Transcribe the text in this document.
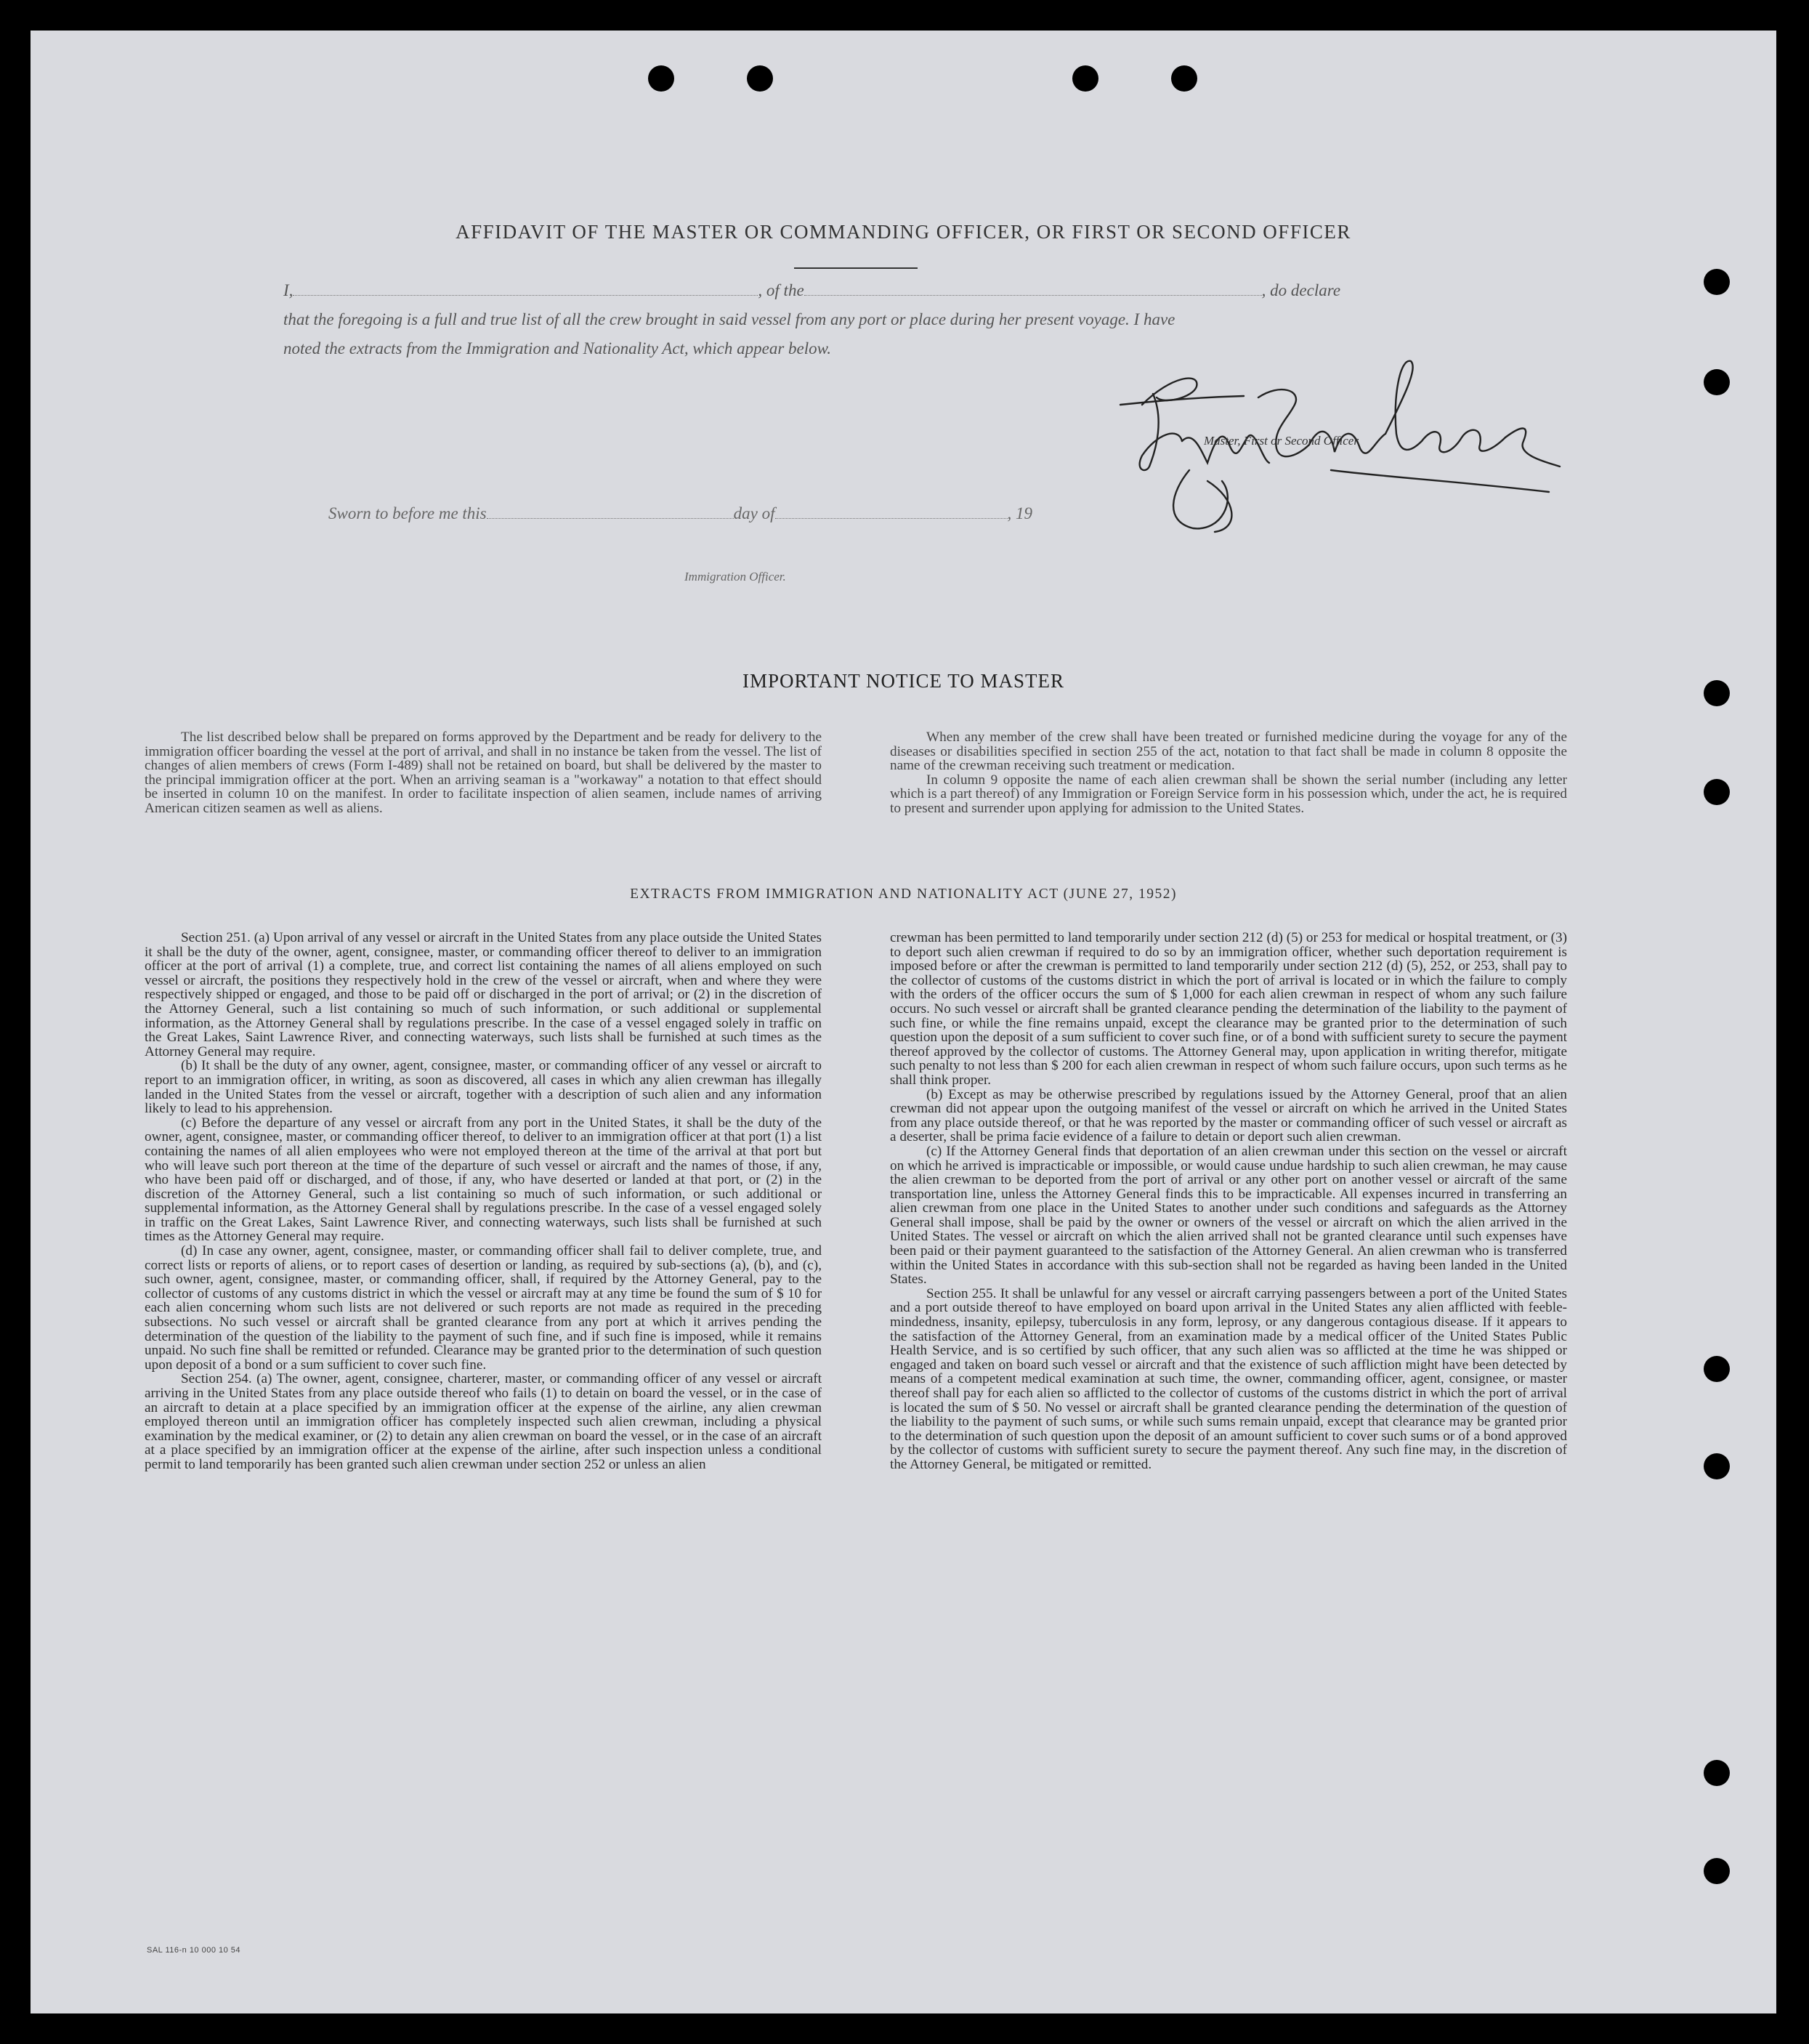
AFFIDAVIT OF THE MASTER OR COMMANDING OFFICER, OR FIRST OR SECOND OFFICER
I,	, of the	, do declare
that the foregoing is a full and true list of all the crew brought in said vessel from any port or place during her present voyage. I have
noted the extracts from the Immigration and Nationality Act, which appear below.
Master, First or Second Officer.
Sworn to before me this	day of	, 19
Immigration Officer.
IMPORTANT NOTICE TO MASTER

The list described below shall be prepared on forms approved by the Department and be ready for delivery to the immigration officer boarding the vessel at the port of arrival, and shall in no instance be taken from the vessel. The list of changes of alien members of crews (Form I-489) shall not be retained on board, but shall be delivered by the master to the principal immigration officer at the port. When an arriving seaman is a "workaway" a notation to that effect should be inserted in column 10 on the manifest. In order to facilitate inspection of alien seamen, include names of arriving American citizen seamen as well as aliens.

When any member of the crew shall have been treated or furnished medicine during the voyage for any of the diseases or disabilities specified in section 255 of the act, notation to that fact shall be made in column 8 opposite the name of the crewman receiving such treatment or medication.

In column 9 opposite the name of each alien crewman shall be shown the serial number (including any letter which is a part thereof) of any Immigration or Foreign Service form in his possession which, under the act, he is required to present and surrender upon applying for admission to the United States.

EXTRACTS FROM IMMIGRATION AND NATIONALITY ACT (JUNE 27, 1952)

Section 251. (a) Upon arrival of any vessel or aircraft in the United States from any place outside the United States it shall be the duty of the owner, agent, consignee, master, or commanding officer thereof to deliver to an immigration officer at the port of arrival (1) a complete, true, and correct list containing the names of all aliens employed on such vessel or aircraft, the positions they respectively hold in the crew of the vessel or aircraft, when and where they were respectively shipped or engaged, and those to be paid off or discharged in the port of arrival; or (2) in the discretion of the Attorney General, such a list containing so much of such information, or such additional or supplemental information, as the Attorney General shall by regulations prescribe. In the case of a vessel engaged solely in traffic on the Great Lakes, Saint Lawrence River, and connecting waterways, such lists shall be furnished at such times as the Attorney General may require.

(b) It shall be the duty of any owner, agent, consignee, master, or commanding officer of any vessel or aircraft to report to an immigration officer, in writing, as soon as discovered, all cases in which any alien crewman has illegally landed in the United States from the vessel or aircraft, together with a description of such alien and any information likely to lead to his apprehension.

(c) Before the departure of any vessel or aircraft from any port in the United States, it shall be the duty of the owner, agent, consignee, master, or commanding officer thereof, to deliver to an immigration officer at that port (1) a list containing the names of all alien employees who were not employed thereon at the time of the arrival at that port but who will leave such port thereon at the time of the departure of such vessel or aircraft and the names of those, if any, who have been paid off or discharged, and of those, if any, who have deserted or landed at that port, or (2) in the discretion of the Attorney General, such a list containing so much of such information, or such additional or supplemental information, as the Attorney General shall by regulations prescribe. In the case of a vessel engaged solely in traffic on the Great Lakes, Saint Lawrence River, and connecting waterways, such lists shall be furnished at such times as the Attorney General may require.

(d) In case any owner, agent, consignee, master, or commanding officer shall fail to deliver complete, true, and correct lists or reports of aliens, or to report cases of desertion or landing, as required by sub-sections (a), (b), and (c), such owner, agent, consignee, master, or commanding officer, shall, if required by the Attorney General, pay to the collector of customs of any customs district in which the vessel or aircraft may at any time be found the sum of $ 10 for each alien concerning whom such lists are not delivered or such reports are not made as required in the preceding subsections. No such vessel or aircraft shall be granted clearance from any port at which it arrives pending the determination of the question of the liability to the payment of such fine, and if such fine is imposed, while it remains unpaid. No such fine shall be remitted or refunded. Clearance may be granted prior to the determination of such question upon deposit of a bond or a sum sufficient to cover such fine.

Section 254. (a) The owner, agent, consignee, charterer, master, or commanding officer of any vessel or aircraft arriving in the United States from any place outside thereof who fails (1) to detain on board the vessel, or in the case of an aircraft to detain at a place specified by an immigration officer at the expense of the airline, any alien crewman employed thereon until an immigration officer has completely inspected such alien crewman, including a physical examination by the medical examiner, or (2) to detain any alien crewman on board the vessel, or in the case of an aircraft at a place specified by an immigration officer at the expense of the airline, after such inspection unless a conditional permit to land temporarily has been granted such alien crewman under section 252 or unless an alien

crewman has been permitted to land temporarily under section 212 (d) (5) or 253 for medical or hospital treatment, or (3) to deport such alien crewman if required to do so by an immigration officer, whether such deportation requirement is imposed before or after the crewman is permitted to land temporarily under section 212 (d) (5), 252, or 253, shall pay to the collector of customs of the customs district in which the port of arrival is located or in which the failure to comply with the orders of the officer occurs the sum of $ 1,000 for each alien crewman in respect of whom any such failure occurs. No such vessel or aircraft shall be granted clearance pending the determination of the liability to the payment of such fine, or while the fine remains unpaid, except the clearance may be granted prior to the determination of such question upon the deposit of a sum sufficient to cover such fine, or of a bond with sufficient surety to secure the payment thereof approved by the collector of customs. The Attorney General may, upon application in writing therefor, mitigate such penalty to not less than $ 200 for each alien crewman in respect of whom such failure occurs, upon such terms as he shall think proper.

(b) Except as may be otherwise prescribed by regulations issued by the Attorney General, proof that an alien crewman did not appear upon the outgoing manifest of the vessel or aircraft on which he arrived in the United States from any place outside thereof, or that he was reported by the master or commanding officer of such vessel or aircraft as a deserter, shall be prima facie evidence of a failure to detain or deport such alien crewman.

(c) If the Attorney General finds that deportation of an alien crewman under this section on the vessel or aircraft on which he arrived is impracticable or impossible, or would cause undue hardship to such alien crewman, he may cause the alien crewman to be deported from the port of arrival or any other port on another vessel or aircraft of the same transportation line, unless the Attorney General finds this to be impracticable. All expenses incurred in transferring an alien crewman from one place in the United States to another under such conditions and safeguards as the Attorney General shall impose, shall be paid by the owner or owners of the vessel or aircraft on which the alien arrived in the United States. The vessel or aircraft on which the alien arrived shall not be granted clearance until such expenses have been paid or their payment guaranteed to the satisfaction of the Attorney General. An alien crewman who is transferred within the United States in accordance with this sub-section shall not be regarded as having been landed in the United States.

Section 255. It shall be unlawful for any vessel or aircraft carrying passengers between a port of the United States and a port outside thereof to have employed on board upon arrival in the United States any alien afflicted with feeble-mindedness, insanity, epilepsy, tuberculosis in any form, leprosy, or any dangerous contagious disease. If it appears to the satisfaction of the Attorney General, from an examination made by a medical officer of the United States Public Health Service, and is so certified by such officer, that any such alien was so afflicted at the time he was shipped or engaged and taken on board such vessel or aircraft and that the existence of such affliction might have been detected by means of a competent medical examination at such time, the owner, commanding officer, agent, consignee, or master thereof shall pay for each alien so afflicted to the collector of customs of the customs district in which the port of arrival is located the sum of $ 50. No vessel or aircraft shall be granted clearance pending the determination of the question of the liability to the payment of such sums, or while such sums remain unpaid, except that clearance may be granted prior to the determination of such question upon the deposit of an amount sufficient to cover such sums or of a bond approved by the collector of customs with sufficient surety to secure the payment thereof. Any such fine may, in the discretion of the Attorney General, be mitigated or remitted.

SAL 116-n 10 000 10 54
